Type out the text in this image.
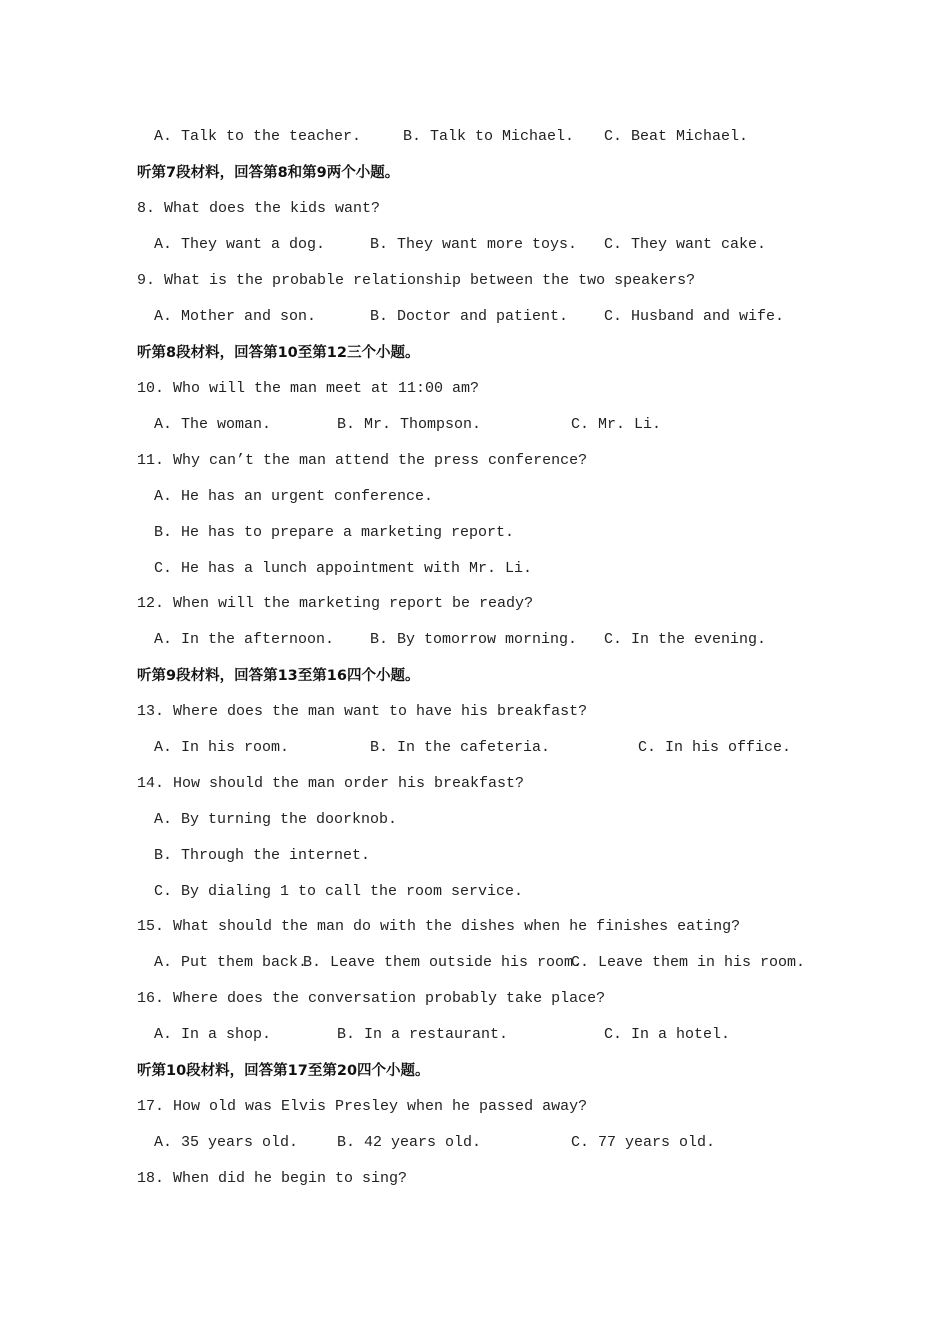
A. Talk to the teacher.

	B. Talk to Michael.

C. Beat Michael.

听第7段材料，回答第8和第9两个小题。
8. What does the kids want?

A. They want a dog.

	B. They want more toys.

C. They want cake.

9. What is the probable relationship between the two speakers?

A. Mother and son.

	B. Doctor and patient.

C. Husband and wife.

听第8段材料，回答第10至第12三个小题。
10. Who will the man meet at 11:00 am?

A. The woman.

	B. Mr. Thompson.

	C. Mr. Li.

11. Why can’t the man attend the press conference?
A. He has an urgent conference.
B. He has to prepare a marketing report.
C. He has a lunch appointment with Mr. Li.
12. When will the marketing report be ready?

A. In the afternoon.

B. By tomorrow morning.

C. In the evening.

听第9段材料，回答第13至第16四个小题。
13. Where does the man want to have his breakfast?

A. In his room.

	B. In the cafeteria.

	C. In his office.

14. How should the man order his breakfast?
A. By turning the doorknob.
B. Through the internet.
C. By dialing 1 to call the room service.
15. What should the man do with the dishes when he finishes eating?

A. Put them back.

B. Leave them outside his room.

C. Leave them in his room.

16. Where does the conversation probably take place?

A. In a shop.

	B. In a restaurant.

	C. In a hotel.

听第10段材料，回答第17至第20四个小题。
17. How old was Elvis Presley when he passed away?

A. 35 years old.

	B. 42 years old.

	C. 77 years old.

18. When did he begin to sing?
